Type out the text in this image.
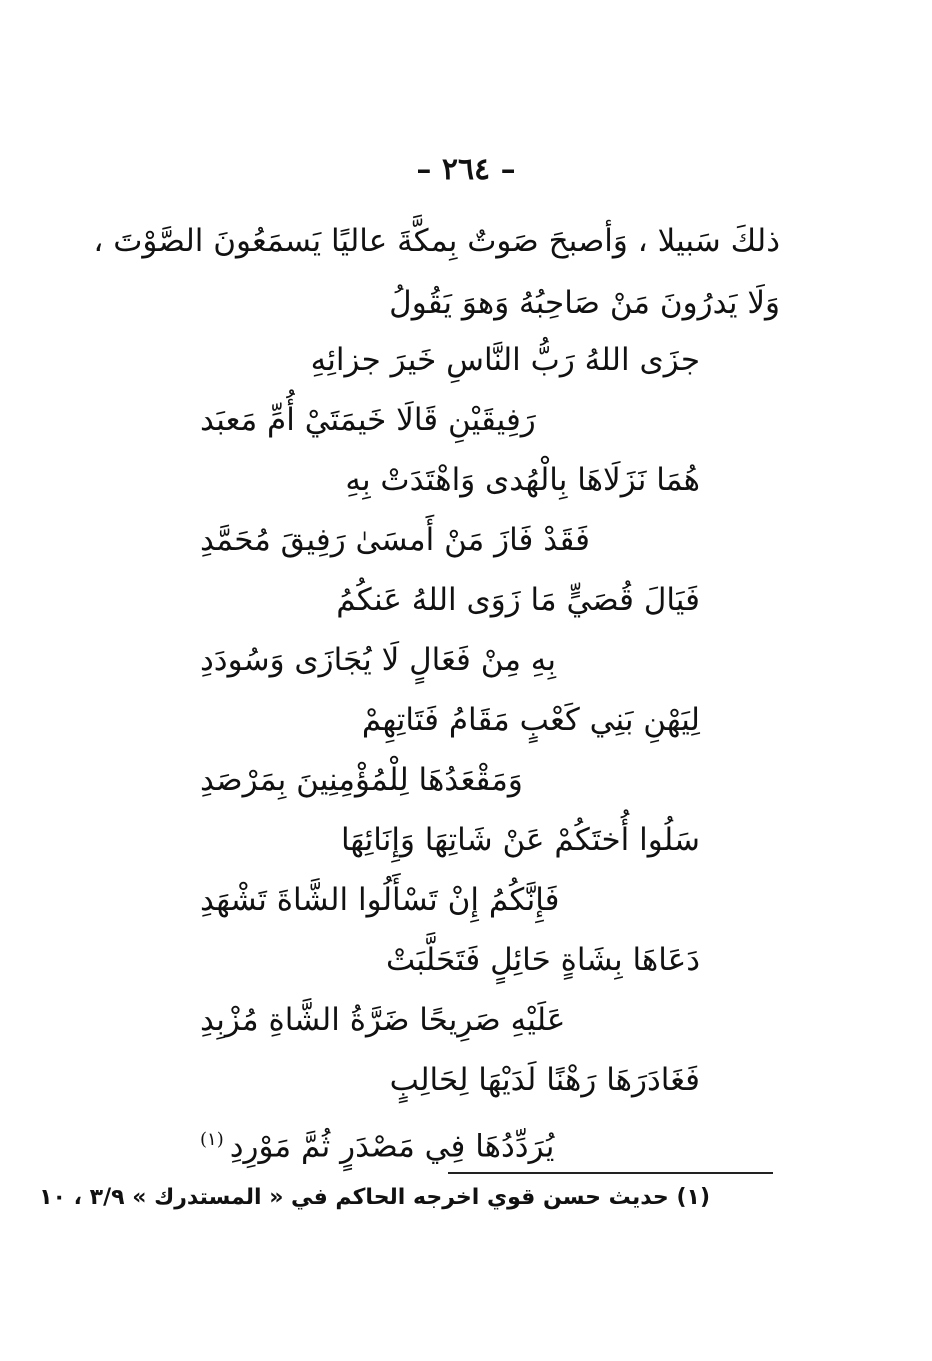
– ٢٦٤ –
ذلكَ سَبيلا ، وَأصبحَ صَوتٌ بِمكَّةَ عاليًا يَسمَعُونَ الصَّوْتَ ،
وَلَا يَدرُونَ مَنْ صَاحِبُهُ وَهوَ يَقُولُ
جزَى اللهُ رَبُّ النَّاسِ خَيرَ جزائِهِ
رَفِيقَيْنِ قَالَا خَيمَتَيْ أُمِّ مَعبَد
هُمَا نَزَلَاهَا بِالْهُدى وَاهْتَدَتْ بِهِ
فَقَدْ فَازَ مَنْ أَمسَىٰ رَفِيقَ مُحَمَّدِ
فَيَالَ قُصَيٍّ مَا زَوَى اللهُ عَنكُمُ
بِهِ مِنْ فَعَالٍ لَا يُجَازَى وَسُودَدِ
لِيَهْنِ بَنِي كَعْبٍ مَقَامُ فَتَاتِهِمْ
وَمَقْعَدُهَا لِلْمُؤْمِنِينَ بِمَرْصَدِ
سَلُوا أُختَكُمْ عَنْ شَاتِهَا وَإِنَائِهَا
فَإِنَّكُمُ إِنْ تَسْأَلُوا الشَّاةَ تَشْهَدِ
دَعَاهَا بِشَاةٍ حَائِلٍ فَتَحَلَّبَتْ
عَلَيْهِ صَرِيحًا ضَرَّةُ الشَّاةِ مُزْبِدِ
فَغَادَرَهَا رَهْنًا لَدَيْهَا لِحَالِبٍ
يُرَدِّدُهَا فِي مَصْدَرٍ ثُمَّ مَوْرِدِ$^{(١)}$
(١) حديث حسن قوي اخرجه الحاكم في « المستدرك » ٣/٩ ، ١٠
